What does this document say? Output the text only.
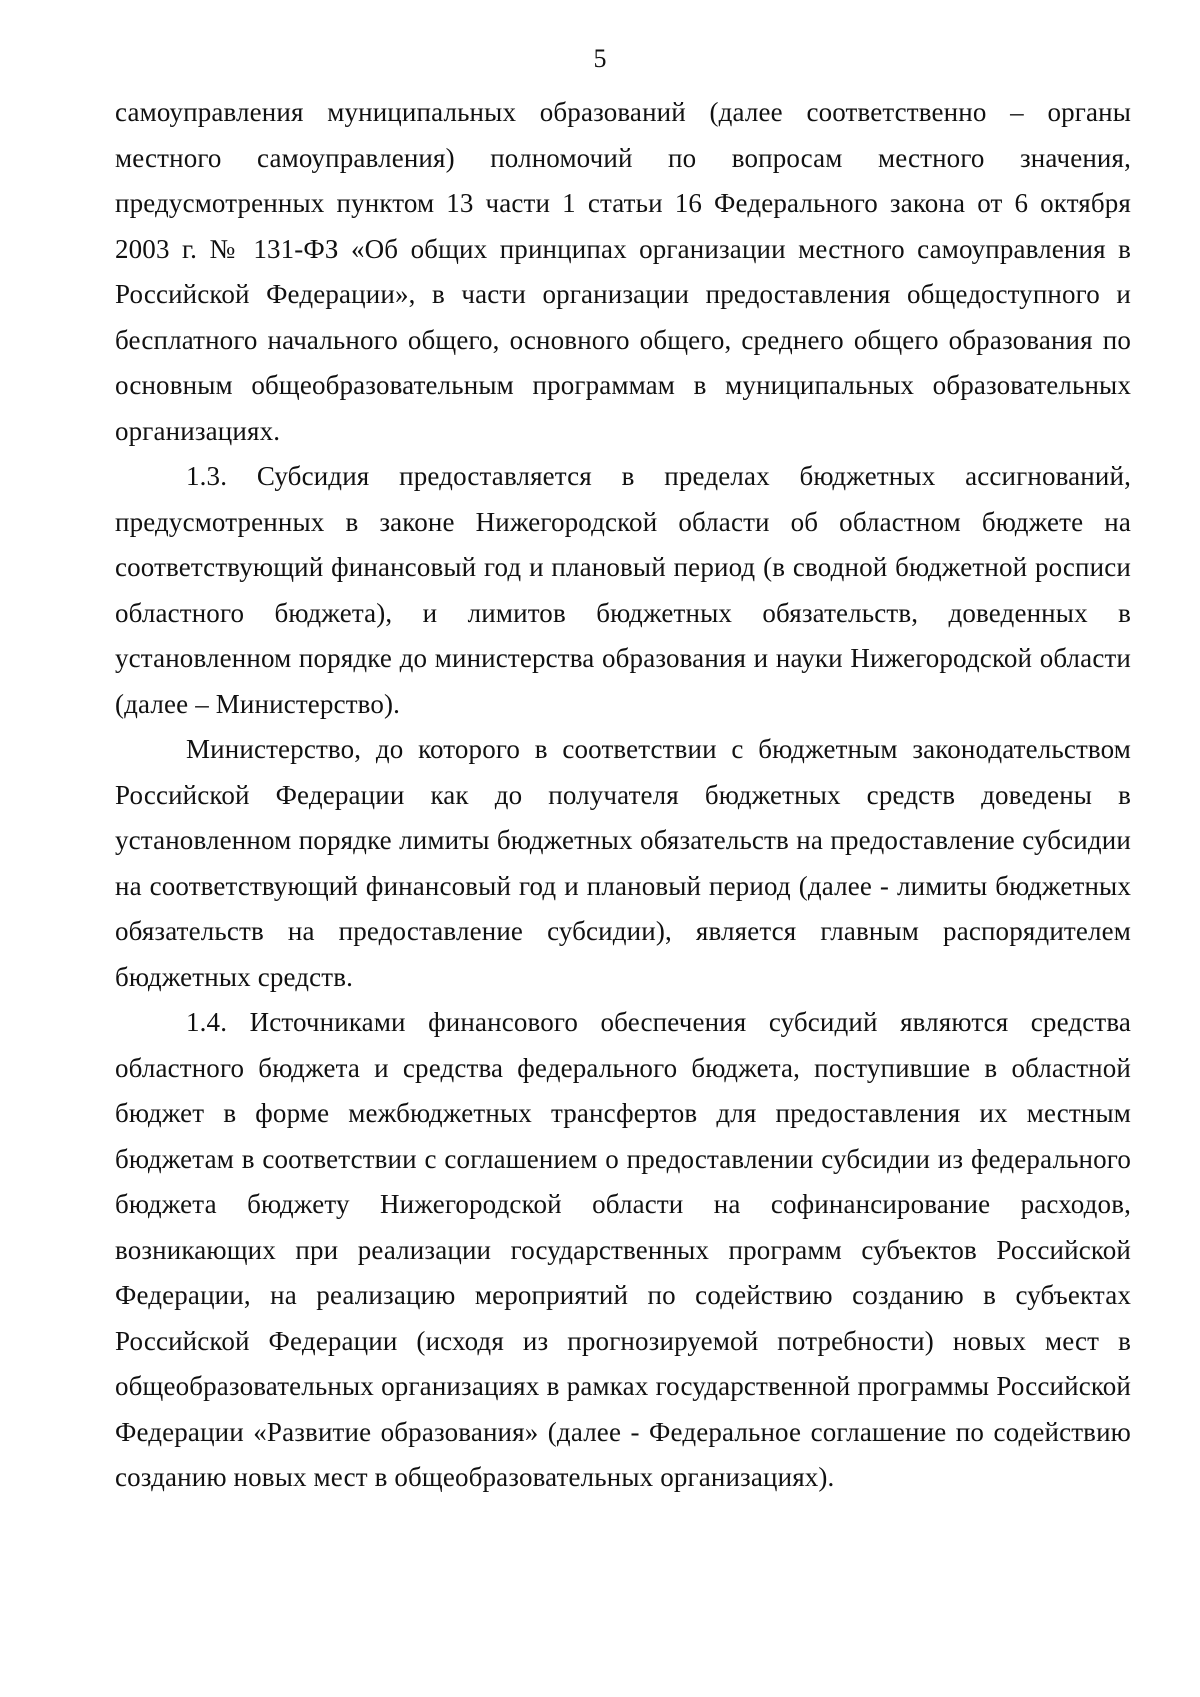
5

самоуправления муниципальных образований (далее соответственно – органы местного самоуправления) полномочий по вопросам местного значения, предусмотренных пунктом 13 части 1 статьи 16 Федерального закона от 6 октября 2003 г. № 131-ФЗ «Об общих принципах организации местного самоуправления в Российской Федерации», в части организации предоставления общедоступного и бесплатного начального общего, основного общего, среднего общего образования по основным общеобразовательным программам в муниципальных образовательных организациях.

1.3. Субсидия предоставляется в пределах бюджетных ассигнований, предусмотренных в законе Нижегородской области об областном бюджете на соответствующий финансовый год и плановый период (в сводной бюджетной росписи областного бюджета), и лимитов бюджетных обязательств, доведенных в установленном порядке до министерства образования и науки Нижегородской области (далее – Министерство).

Министерство, до которого в соответствии с бюджетным законодательством Российской Федерации как до получателя бюджетных средств доведены в установленном порядке лимиты бюджетных обязательств на предоставление субсидии на соответствующий финансовый год и плановый период (далее - лимиты бюджетных обязательств на предоставление субсидии), является главным распорядителем бюджетных средств.

1.4. Источниками финансового обеспечения субсидий являются средства областного бюджета и средства федерального бюджета, поступившие в областной бюджет в форме межбюджетных трансфертов для предоставления их местным бюджетам в соответствии с соглашением о предоставлении субсидии из федерального бюджета бюджету Нижегородской области на софинансирование расходов, возникающих при реализации государственных программ субъектов Российской Федерации, на реализацию мероприятий по содействию созданию в субъектах Российской Федерации (исходя из прогнозируемой потребности) новых мест в общеобразовательных организациях в рамках государственной программы Российской Федерации «Развитие образования» (далее - Федеральное соглашение по содействию созданию новых мест в общеобразовательных организациях).
